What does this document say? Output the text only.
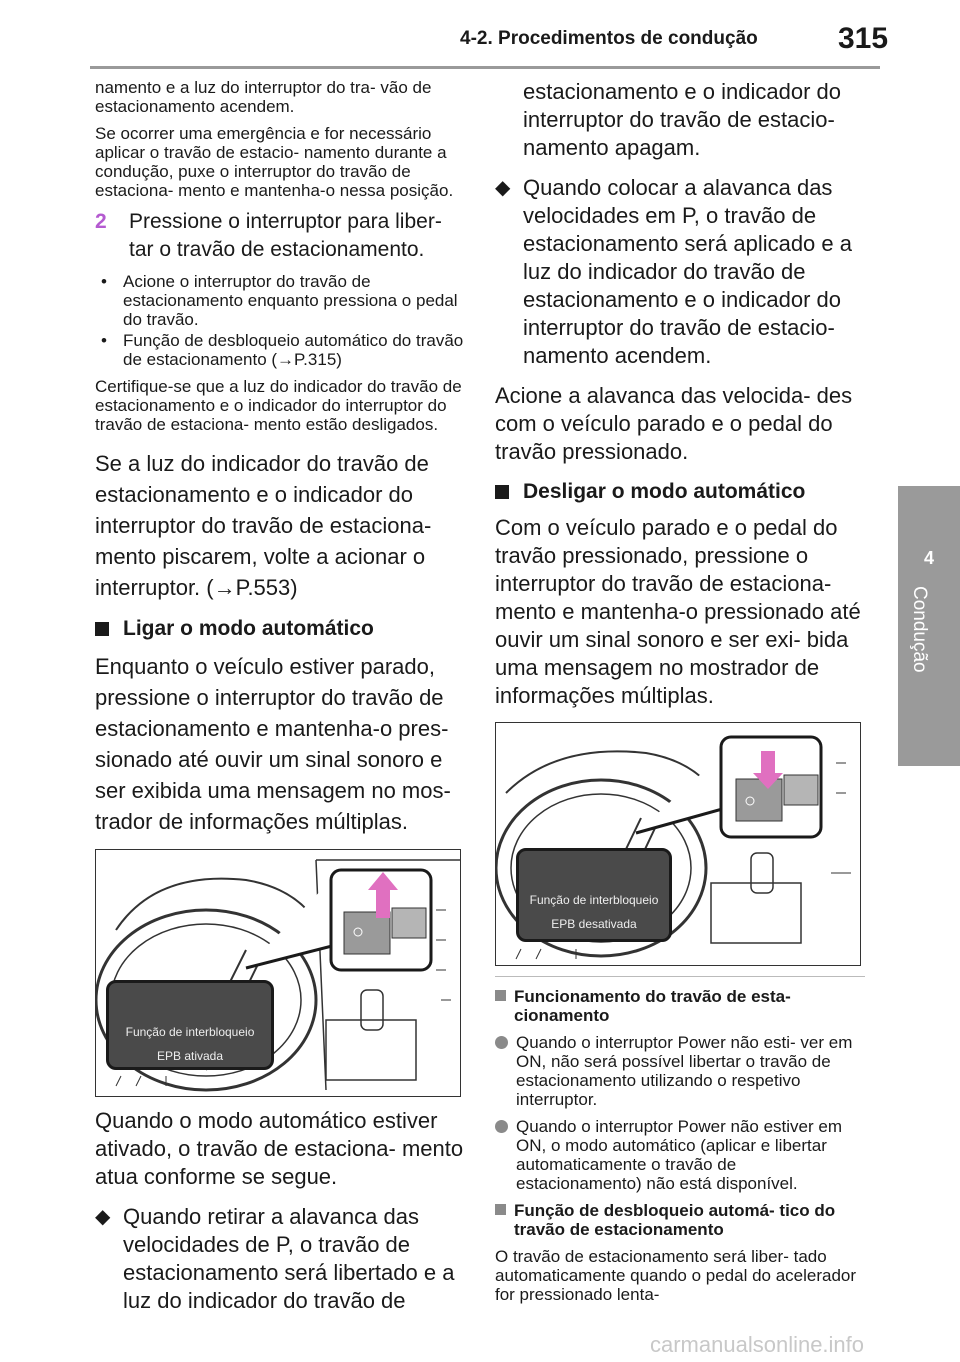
4-2. Procedimentos de condução	315
4
Condução

namento e a luz do interruptor do tra- vão de estacionamento acendem.

Se ocorrer uma emergência e for necessário aplicar o travão de estacio- namento durante a condução, puxe o interruptor do travão de estaciona- mento e mantenha-o nessa posição.

2	Pressione o interruptor para liber- tar o travão de estacionamento.
• Acione o interruptor do travão de estacionamento enquanto pressiona o pedal do travão.
• Função de desbloqueio automático do travão de estacionamento (→P.315)

Certifique-se que a luz do indicador do travão de estacionamento e o indicador do interruptor do travão de estaciona- mento estão desligados.

Se a luz do indicador do travão de estacionamento e o indicador do interruptor do travão de estaciona- mento piscarem, volte a acionar o interruptor. (→P.553)

Ligar o modo automático

Enquanto o veículo estiver parado, pressione o interruptor do travão de estacionamento e mantenha-o pres- sionado até ouvir um sinal sonoro e ser exibida uma mensagem no mos- trador de informações múltiplas.

Função de interbloqueio
EPB ativada

Quando o modo automático estiver ativado, o travão de estaciona- mento atua conforme se segue.

◆ Quando retirar a alavanca das velocidades de P, o travão de estacionamento será libertado e a luz do indicador do travão de

estacionamento e o indicador do interruptor do travão de estacio- namento apagam.

◆ Quando colocar a alavanca das velocidades em P, o travão de estacionamento será aplicado e a luz do indicador do travão de estacionamento e o indicador do interruptor do travão de estacio- namento acendem.

Acione a alavanca das velocida- des com o veículo parado e o pedal do travão pressionado.

Desligar o modo automático

Com o veículo parado e o pedal do travão pressionado, pressione o interruptor do travão de estaciona- mento e mantenha-o pressionado até ouvir um sinal sonoro e ser exi- bida uma mensagem no mostrador de informações múltiplas.

Função de interbloqueio
EPB desativada
Funcionamento do travão de esta- cionamento
Quando o interruptor Power não esti- ver em ON, não será possível libertar o travão de estacionamento utilizando o respetivo interruptor.
Quando o interruptor Power não estiver em ON, o modo automático (aplicar e libertar automaticamente o travão de estacionamento) não está disponível.
Função de desbloqueio automá- tico do travão de estacionamento

O travão de estacionamento será liber- tado automaticamente quando o pedal do acelerador for pressionado lenta-

carmanualsonline.info
